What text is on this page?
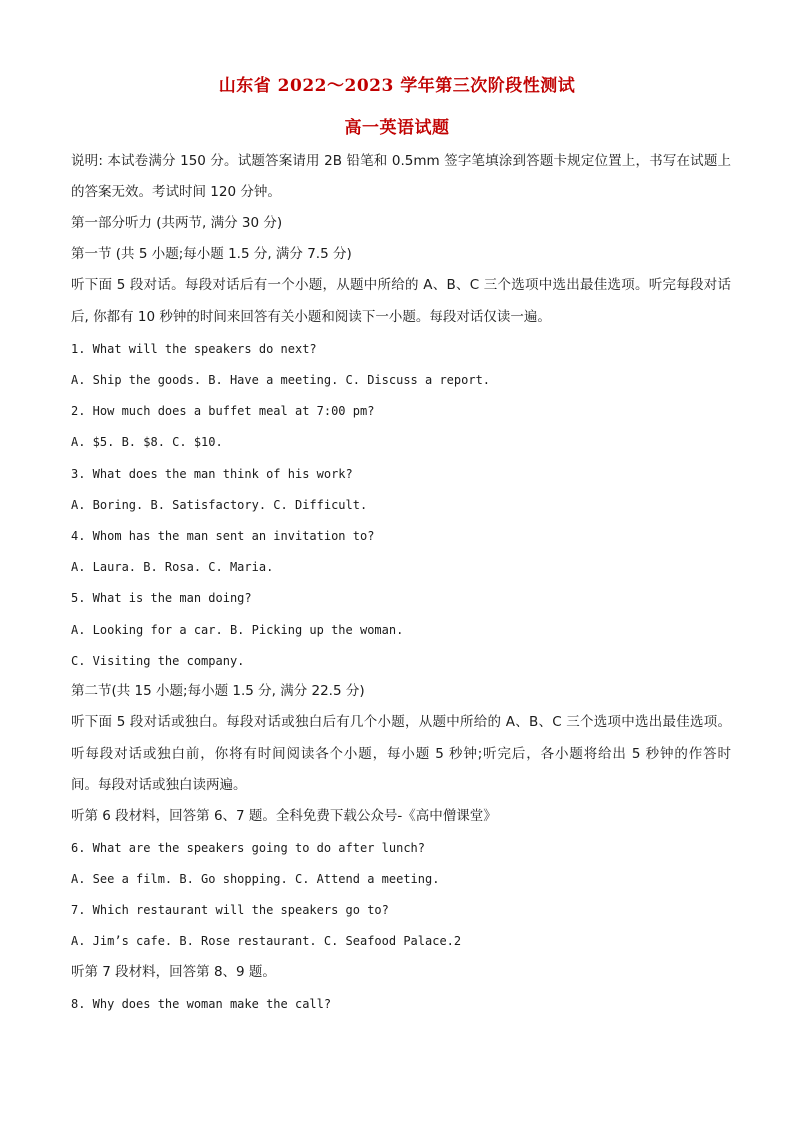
山东省 2022～2023 学年第三次阶段性测试
高一英语试题
说明: 本试卷满分 150 分。试题答案请用 2B 铅笔和 0.5mm 签字笔填涂到答题卡规定位置上，书写在试题上
的答案无效。考试时间 120 分钟。
第一部分听力 (共两节, 满分 30 分)
第一节 (共 5 小题;每小题 1.5 分, 满分 7.5 分)
听下面 5 段对话。每段对话后有一个小题，从题中所给的 A、B、C 三个选项中选出最佳选项。听完每段对话
后, 你都有 10 秒钟的时间来回答有关小题和阅读下一小题。每段对话仅读一遍。
1. What will the speakers do next?
A. Ship the goods. B. Have a meeting. C. Discuss a report.
2. How much does a buffet meal at 7:00 pm?
A. $5. B. $8. C. $10.
3. What does the man think of his work?
A. Boring. B. Satisfactory. C. Difficult.
4. Whom has the man sent an invitation to?
A. Laura. B. Rosa. C. Maria.
5. What is the man doing?
A. Looking for a car. B. Picking up the woman.
C. Visiting the company.
第二节(共 15 小题;每小题 1.5 分, 满分 22.5 分)
听下面 5 段对话或独白。每段对话或独白后有几个小题，从题中所给的 A、B、C 三个选项中选出最佳选项。
听每段对话或独白前，你将有时间阅读各个小题，每小题 5 秒钟;听完后，各小题将给出 5 秒钟的作答时
间。每段对话或独白读两遍。
听第 6 段材料，回答第 6、7 题。全科免费下载公众号-《高中僧课堂》
6. What are the speakers going to do after lunch?
A. See a film. B. Go shopping. C. Attend a meeting.
7. Which restaurant will the speakers go to?
A. Jim’s cafe. B. Rose restaurant. C. Seafood Palace.2
听第 7 段材料，回答第 8、9 题。
8. Why does the woman make the call?
